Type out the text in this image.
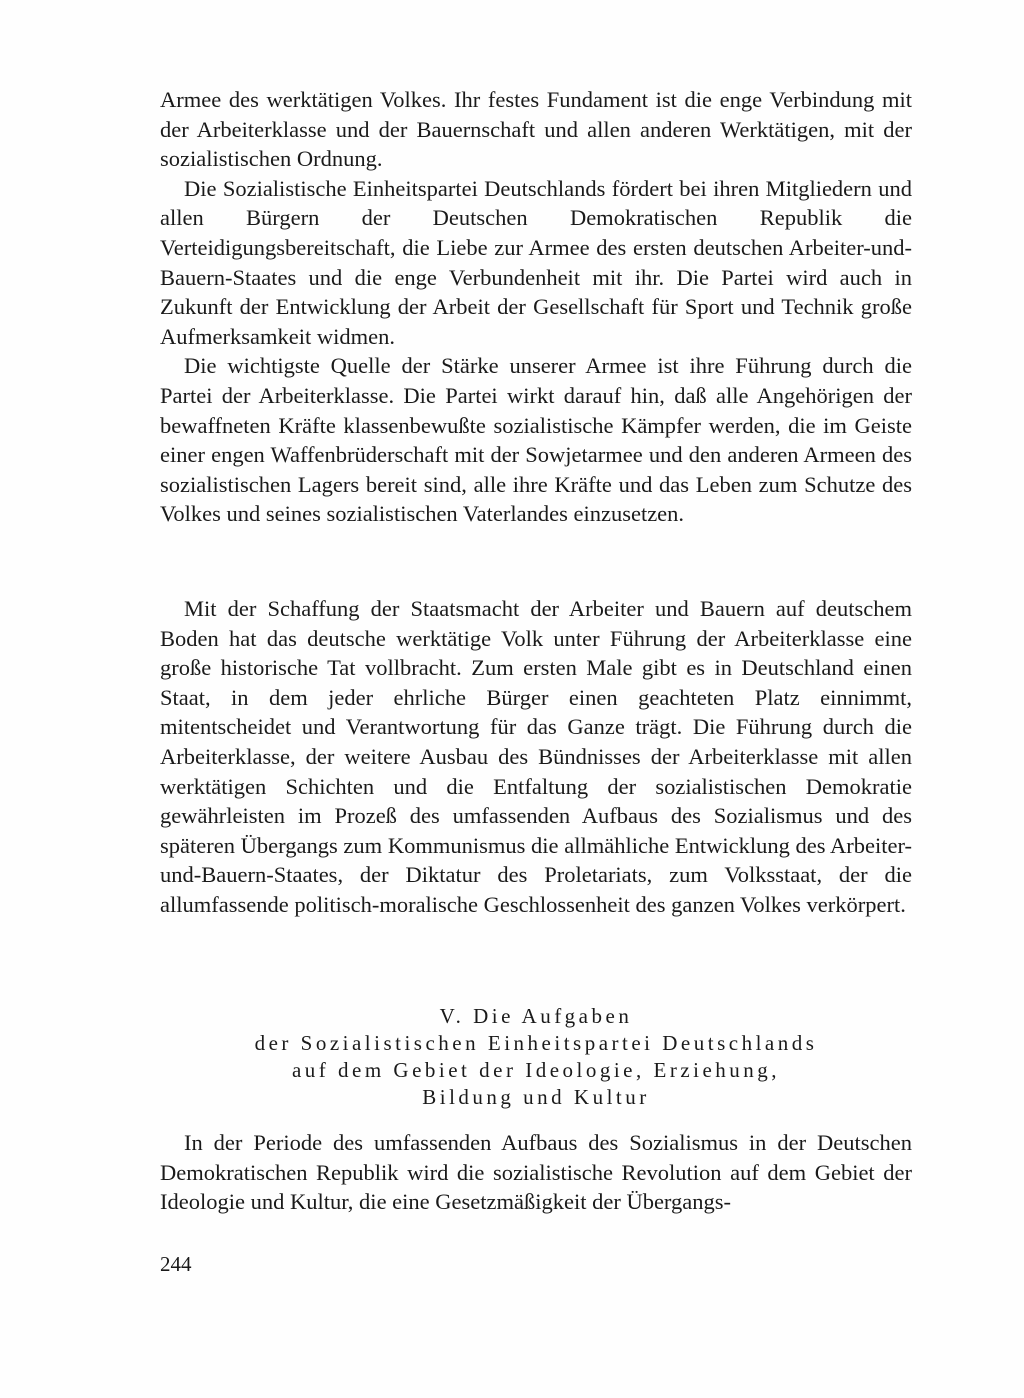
Armee des werktätigen Volkes. Ihr festes Fundament ist die enge Verbindung mit der Arbeiterklasse und der Bauernschaft und allen anderen Werktätigen, mit der sozialistischen Ordnung.

Die Sozialistische Einheitspartei Deutschlands fördert bei ihren Mitgliedern und allen Bürgern der Deutschen Demokratischen Republik die Verteidigungsbereitschaft, die Liebe zur Armee des ersten deutschen Arbeiter-und-Bauern-Staates und die enge Verbundenheit mit ihr. Die Partei wird auch in Zukunft der Entwicklung der Arbeit der Gesellschaft für Sport und Technik große Aufmerksamkeit widmen.

Die wichtigste Quelle der Stärke unserer Armee ist ihre Führung durch die Partei der Arbeiterklasse. Die Partei wirkt darauf hin, daß alle Angehörigen der bewaffneten Kräfte klassenbewußte sozialistische Kämpfer werden, die im Geiste einer engen Waffenbrüderschaft mit der Sowjetarmee und den anderen Armeen des sozialistischen Lagers bereit sind, alle ihre Kräfte und das Leben zum Schutze des Volkes und seines sozialistischen Vaterlandes einzusetzen.

Mit der Schaffung der Staatsmacht der Arbeiter und Bauern auf deutschem Boden hat das deutsche werktätige Volk unter Führung der Arbeiterklasse eine große historische Tat vollbracht. Zum ersten Male gibt es in Deutschland einen Staat, in dem jeder ehrliche Bürger einen geachteten Platz einnimmt, mitentscheidet und Verantwortung für das Ganze trägt. Die Führung durch die Arbeiterklasse, der weitere Ausbau des Bündnisses der Arbeiterklasse mit allen werktätigen Schichten und die Entfaltung der sozialistischen Demokratie gewährleisten im Prozeß des umfassenden Aufbaus des Sozialismus und des späteren Übergangs zum Kommunismus die allmähliche Entwicklung des Arbeiter-und-Bauern-Staates, der Diktatur des Proletariats, zum Volksstaat, der die allumfassende politisch-moralische Geschlossenheit des ganzen Volkes verkörpert.

V. Die Aufgaben
der Sozialistischen Einheitspartei Deutschlands
auf dem Gebiet der Ideologie, Erziehung,
Bildung und Kultur

In der Periode des umfassenden Aufbaus des Sozialismus in der Deutschen Demokratischen Republik wird die sozialistische Revolution auf dem Gebiet der Ideologie und Kultur, die eine Gesetzmäßigkeit der Übergangs-

244
